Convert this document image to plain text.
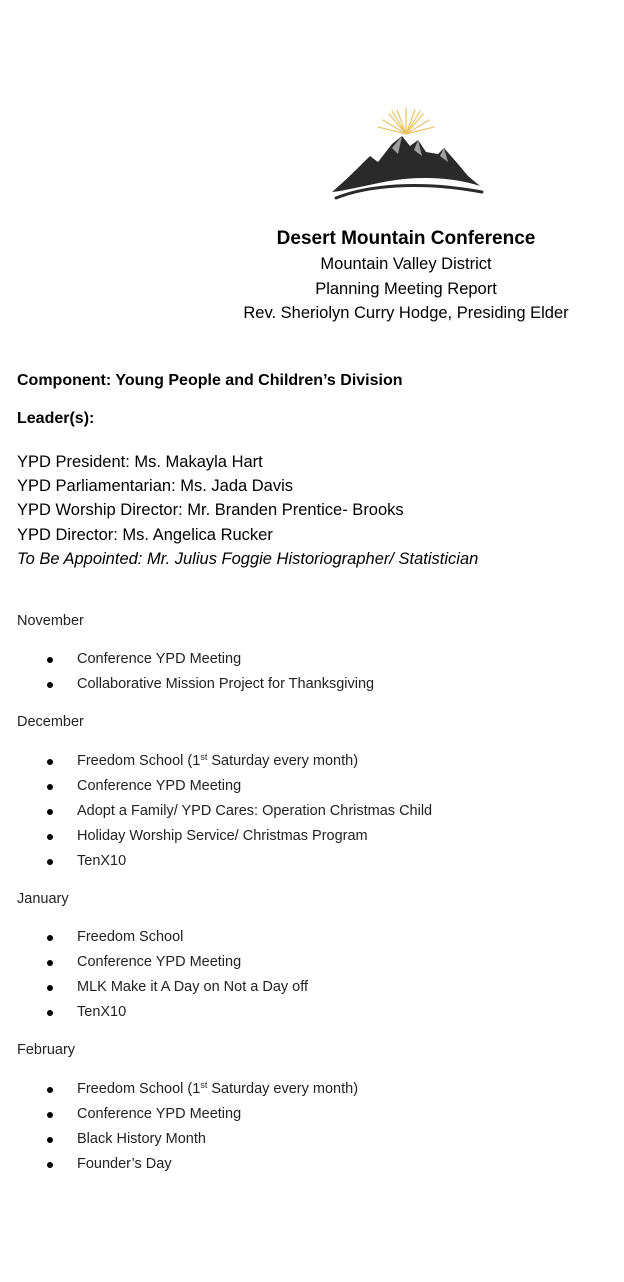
Desert Mountain Conference
Mountain Valley District
Planning Meeting Report
Rev. Sheriolyn Curry Hodge, Presiding Elder
Component: Young People and Children’s Division
Leader(s):
YPD President: Ms. Makayla Hart
YPD Parliamentarian: Ms. Jada Davis
YPD Worship Director: Mr. Branden Prentice- Brooks
YPD Director: Ms. Angelica Rucker
To Be Appointed: Mr. Julius Foggie Historiographer/ Statistician
November
Conference YPD Meeting
Collaborative Mission Project for Thanksgiving
December
Freedom School (1st Saturday every month)
Conference YPD Meeting
Adopt a Family/ YPD Cares: Operation Christmas Child
Holiday Worship Service/ Christmas Program
TenX10
January
Freedom School
Conference YPD Meeting
MLK Make it A Day on Not a Day off
TenX10
February
Freedom School (1st Saturday every month)
Conference YPD Meeting
Black History Month
Founder’s Day
